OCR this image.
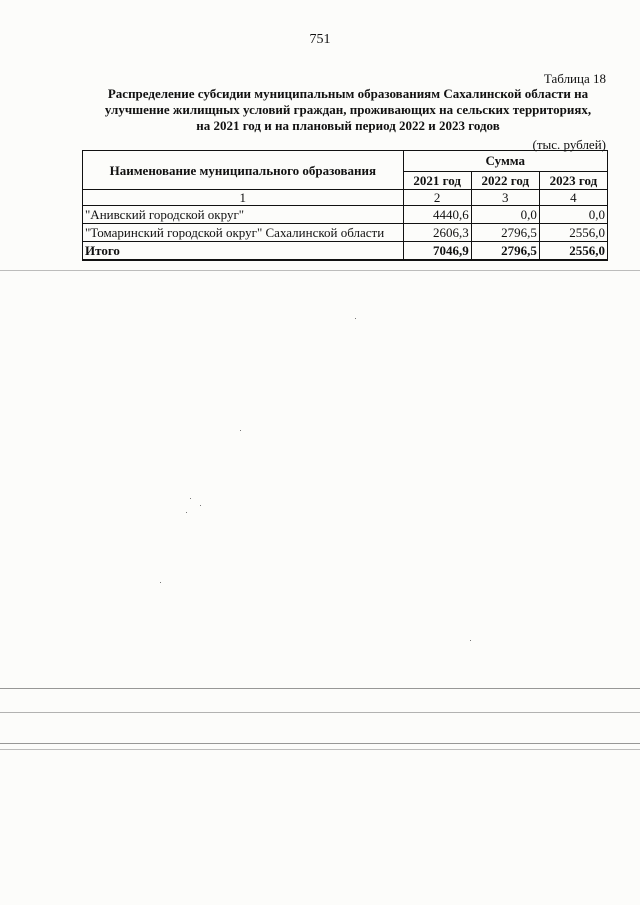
751
Таблица 18
Распределение субсидии муниципальным образованиям Сахалинской области на
улучшение жилищных условий граждан, проживающих на сельских территориях,
на 2021 год и на плановый период 2022 и 2023 годов
(тыс. рублей)
Наименование муниципального образования	Сумма		
	2021 год	2022 год	2023 год
1	2	3	4
"Анивский городской округ"	4440,6	0,0	0,0
"Томаринский городской округ" Сахалинской области	2606,3	2796,5	2556,0
Итого	7046,9	2796,5	2556,0
